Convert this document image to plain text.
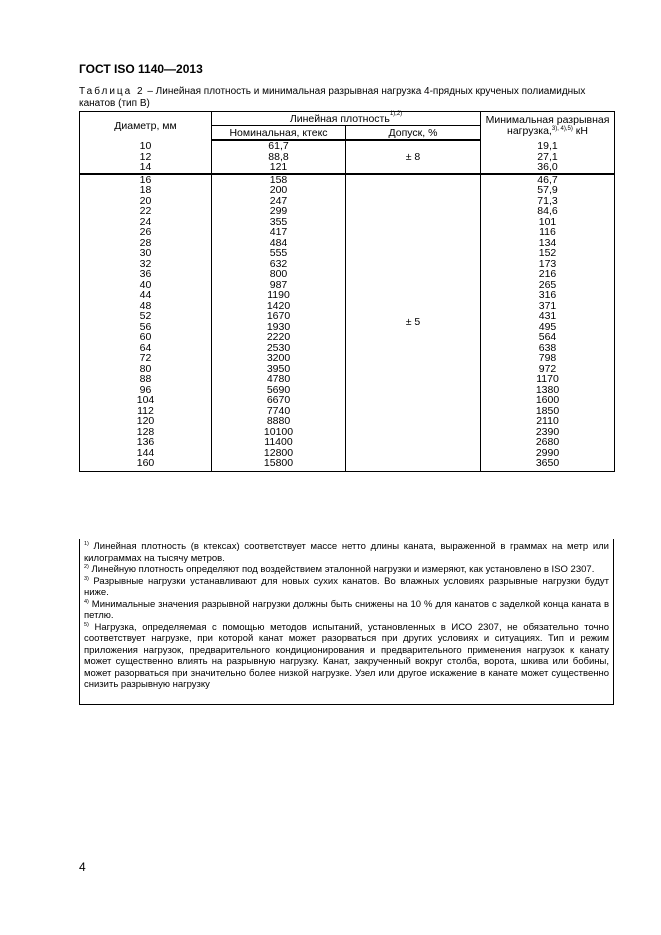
ГОСТ ISO 1140—2013
Таблица 2 – Линейная плотность и минимальная разрывная нагрузка 4-прядных крученых полиамидных канатов (тип В)
Диаметр, мм	Линейная плотность$^{1),2)}$		Минимальная разрывная
нагрузка,$^{3), 4),5)}$ кН
	Номинальная, ктекс	Допуск, %	
10	61,7	± 8	19,1
12	88,8		27,1
14	121		36,0
16	158	± 5	46,7
18	200		57,9
20	247		71,3
22	299		84,6
24	355		101
26	417		116
28	484		134
30	555		152
32	632		173
36	800		216
40	987		265
44	1190		316
48	1420		371
52	1670		431
56	1930		495
60	2220		564
64	2530		638
72	3200		798
80	3950		972
88	4780		1170
96	5690		1380
104	6670		1600
112	7740		1850
120	8880		2110
128	10100		2390
136	11400		2680
144	12800		2990
160	15800		3650
$^{1)}$ Линейная плотность (в ктексах) соответствует массе нетто длины каната, выраженной в граммах на метр или килограммах на тысячу метров.
$^{2)}$ Линейную плотность определяют под воздействием эталонной нагрузки и измеряют, как установлено в ISO 2307.
$^{3)}$ Разрывные нагрузки устанавливают для новых сухих канатов. Во влажных условиях разрывные нагрузки будут ниже.
$^{4)}$ Минимальные значения разрывной нагрузки должны быть снижены на 10 % для канатов с заделкой конца каната в петлю.
$^{5)}$ Нагрузка, определяемая с помощью методов испытаний, установленных в ИСО 2307, не обязательно точно соответствует нагрузке, при которой канат может разорваться при других условиях и ситуациях. Тип и режим приложения нагрузок, предварительного кондиционирования и предварительного применения нагрузок к канату может существенно влиять на разрывную нагрузку. Канат, закрученный вокруг столба, ворота, шкива или бобины, может разорваться при значительно более низкой нагрузке. Узел или другое искажение в канате может существенно снизить разрывную нагрузку
4
